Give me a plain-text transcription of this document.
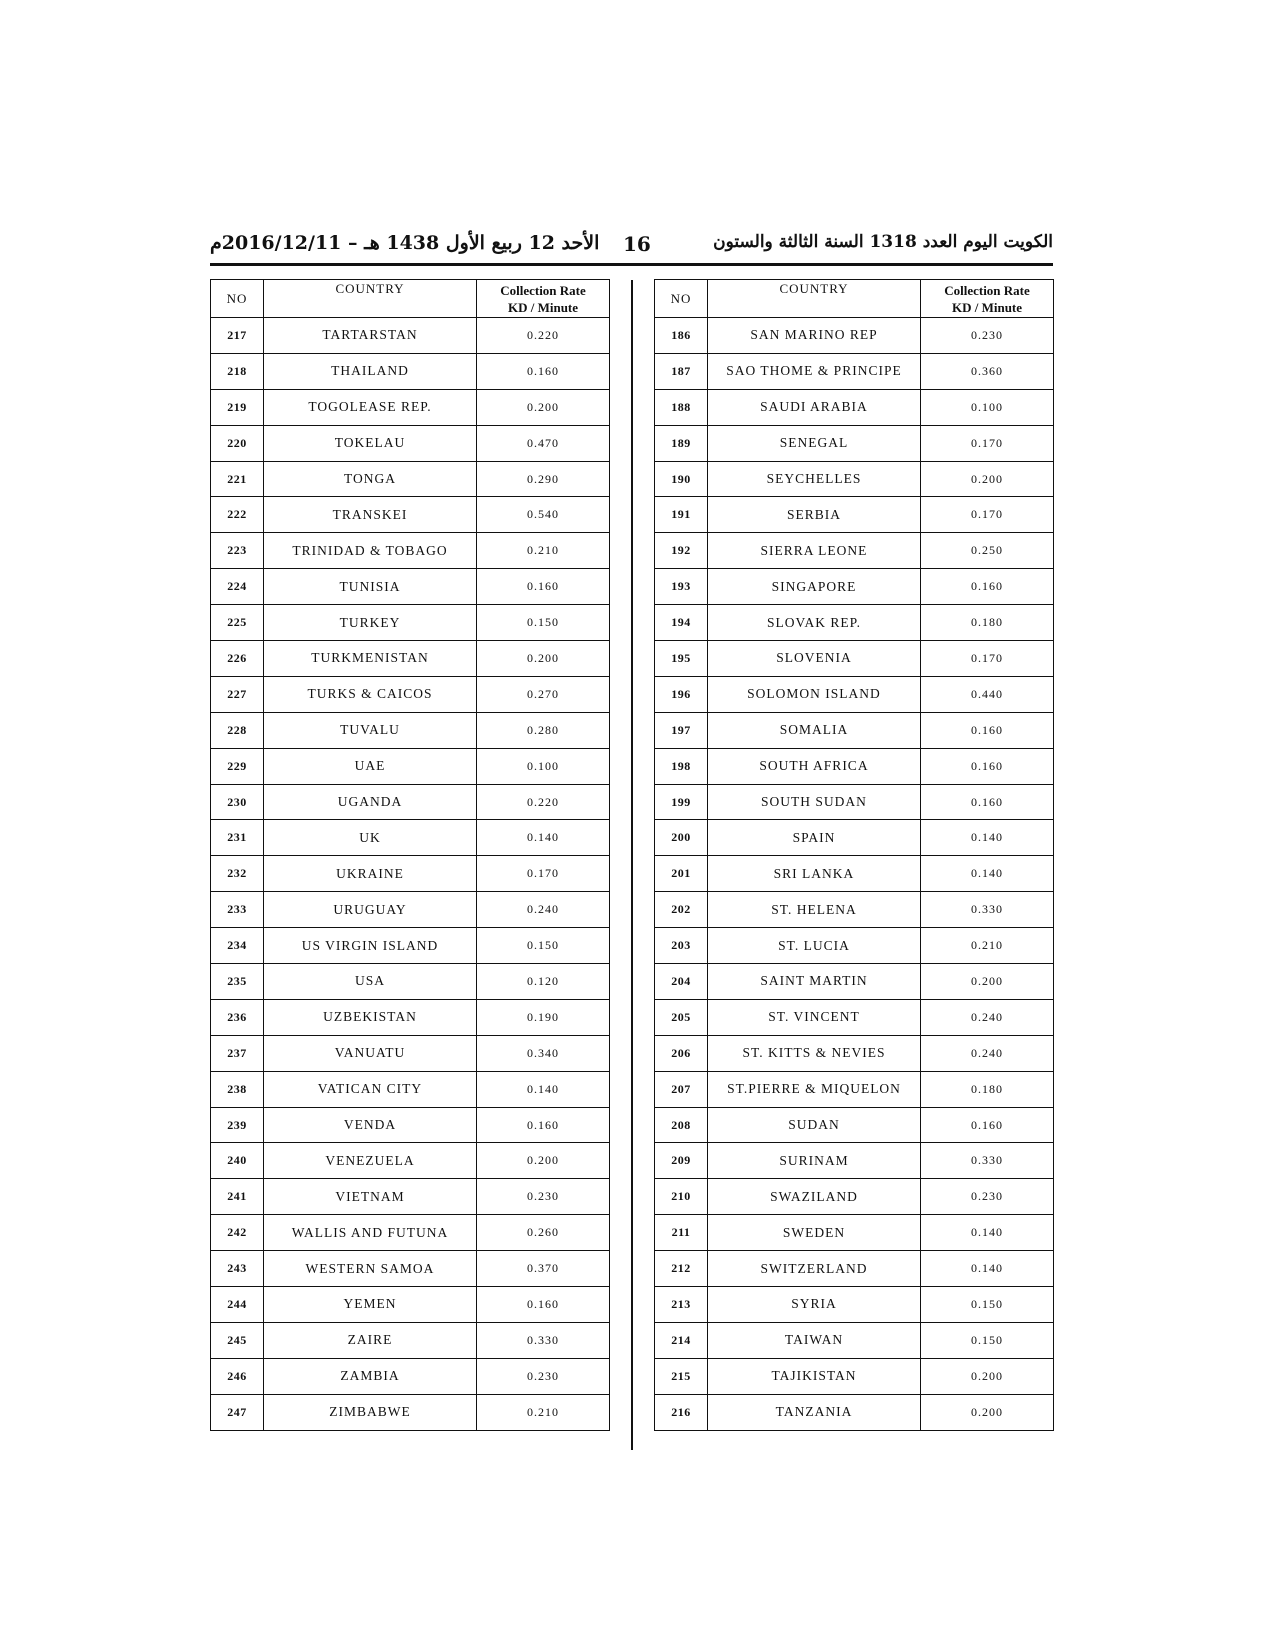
الأحد 12 ربيع الأول 1438 هـ – 2016/12/11م 16	الكويت اليوم العدد 1318 السنة الثالثة والستون
NO	COUNTRY	Collection Rate
KD / Minute

217	TARTARSTAN	0.220
218	THAILAND	0.160
219	TOGOLEASE REP.	0.200
220	TOKELAU	0.470
221	TONGA	0.290
222	TRANSKEI	0.540
223	TRINIDAD & TOBAGO	0.210
224	TUNISIA	0.160
225	TURKEY	0.150
226	TURKMENISTAN	0.200
227	TURKS & CAICOS	0.270
228	TUVALU	0.280
229	UAE	0.100
230	UGANDA	0.220
231	UK	0.140
232	UKRAINE	0.170
233	URUGUAY	0.240
234	US VIRGIN ISLAND	0.150
235	USA	0.120
236	UZBEKISTAN	0.190
237	VANUATU	0.340
238	VATICAN CITY	0.140
239	VENDA	0.160
240	VENEZUELA	0.200
241	VIETNAM	0.230
242	WALLIS AND FUTUNA	0.260
243	WESTERN SAMOA	0.370
244	YEMEN	0.160
245	ZAIRE	0.330
246	ZAMBIA	0.230
247	ZIMBABWE	0.210
NO	COUNTRY	Collection Rate
KD / Minute

186	SAN MARINO REP	0.230
187	SAO THOME & PRINCIPE	0.360
188	SAUDI ARABIA	0.100
189	SENEGAL	0.170
190	SEYCHELLES	0.200
191	SERBIA	0.170
192	SIERRA LEONE	0.250
193	SINGAPORE	0.160
194	SLOVAK REP.	0.180
195	SLOVENIA	0.170
196	SOLOMON ISLAND	0.440
197	SOMALIA	0.160
198	SOUTH AFRICA	0.160
199	SOUTH SUDAN	0.160
200	SPAIN	0.140
201	SRI LANKA	0.140
202	ST. HELENA	0.330
203	ST. LUCIA	0.210
204	SAINT MARTIN	0.200
205	ST. VINCENT	0.240
206	ST. KITTS & NEVIES	0.240
207	ST.PIERRE & MIQUELON	0.180
208	SUDAN	0.160
209	SURINAM	0.330
210	SWAZILAND	0.230
211	SWEDEN	0.140
212	SWITZERLAND	0.140
213	SYRIA	0.150
214	TAIWAN	0.150
215	TAJIKISTAN	0.200
216	TANZANIA	0.200
